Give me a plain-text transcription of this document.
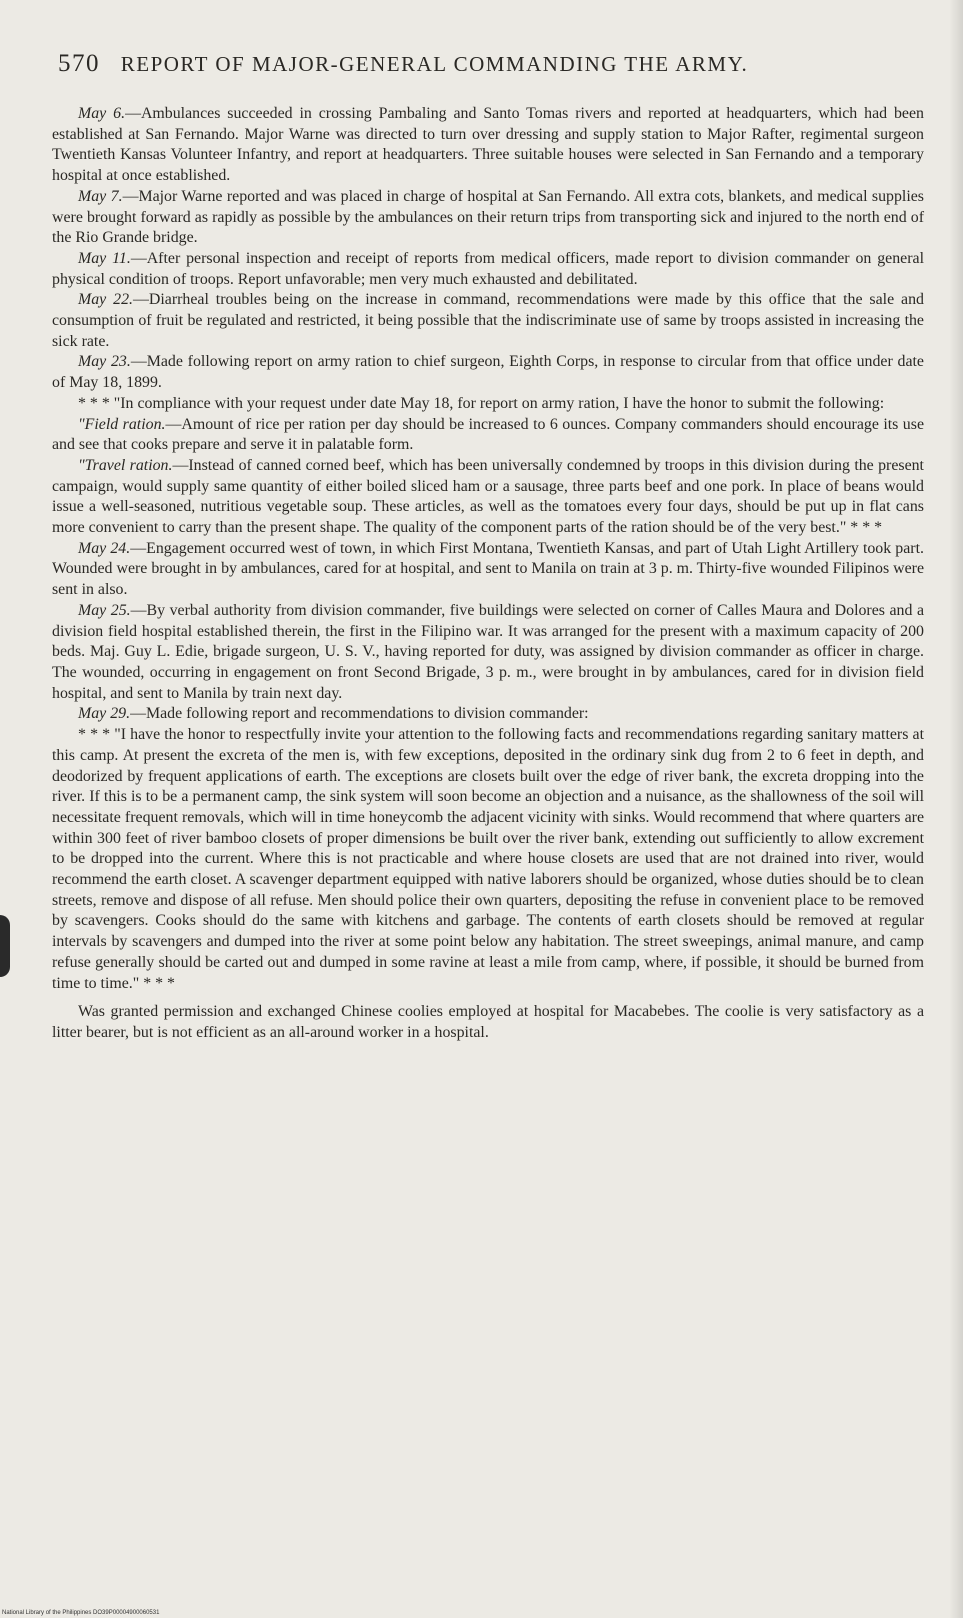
570 REPORT OF MAJOR-GENERAL COMMANDING THE ARMY.

May 6.—Ambulances succeeded in crossing Pambaling and Santo Tomas rivers and reported at headquarters, which had been established at San Fernando. Major Warne was directed to turn over dressing and supply station to Major Rafter, regimental surgeon Twentieth Kansas Volunteer Infantry, and report at headquarters. Three suitable houses were selected in San Fernando and a temporary hospital at once established.

May 7.—Major Warne reported and was placed in charge of hospital at San Fernando. All extra cots, blankets, and medical supplies were brought forward as rapidly as possible by the ambulances on their return trips from transporting sick and injured to the north end of the Rio Grande bridge.

May 11.—After personal inspection and receipt of reports from medical officers, made report to division commander on general physical condition of troops. Report unfavorable; men very much exhausted and debilitated.

May 22.—Diarrheal troubles being on the increase in command, recommendations were made by this office that the sale and consumption of fruit be regulated and restricted, it being possible that the indiscriminate use of same by troops assisted in increasing the sick rate.

May 23.—Made following report on army ration to chief surgeon, Eighth Corps, in response to circular from that office under date of May 18, 1899.

* * * "In compliance with your request under date May 18, for report on army ration, I have the honor to submit the following:

"Field ration.—Amount of rice per ration per day should be increased to 6 ounces. Company commanders should encourage its use and see that cooks prepare and serve it in palatable form.

"Travel ration.—Instead of canned corned beef, which has been universally condemned by troops in this division during the present campaign, would supply same quantity of either boiled sliced ham or a sausage, three parts beef and one pork. In place of beans would issue a well-seasoned, nutritious vegetable soup. These articles, as well as the tomatoes every four days, should be put up in flat cans more convenient to carry than the present shape. The quality of the component parts of the ration should be of the very best." * * *

May 24.—Engagement occurred west of town, in which First Montana, Twentieth Kansas, and part of Utah Light Artillery took part. Wounded were brought in by ambulances, cared for at hospital, and sent to Manila on train at 3 p. m. Thirty-five wounded Filipinos were sent in also.

May 25.—By verbal authority from division commander, five buildings were selected on corner of Calles Maura and Dolores and a division field hospital established therein, the first in the Filipino war. It was arranged for the present with a maximum capacity of 200 beds. Maj. Guy L. Edie, brigade surgeon, U. S. V., having reported for duty, was assigned by division commander as officer in charge. The wounded, occurring in engagement on front Second Brigade, 3 p. m., were brought in by ambulances, cared for in division field hospital, and sent to Manila by train next day.

May 29.—Made following report and recommendations to division commander:

* * * "I have the honor to respectfully invite your attention to the following facts and recommendations regarding sanitary matters at this camp. At present the excreta of the men is, with few exceptions, deposited in the ordinary sink dug from 2 to 6 feet in depth, and deodorized by frequent applications of earth. The exceptions are closets built over the edge of river bank, the excreta dropping into the river. If this is to be a permanent camp, the sink system will soon become an objection and a nuisance, as the shallowness of the soil will necessitate frequent removals, which will in time honeycomb the adjacent vicinity with sinks. Would recommend that where quarters are within 300 feet of river bamboo closets of proper dimensions be built over the river bank, extending out sufficiently to allow excrement to be dropped into the current. Where this is not practicable and where house closets are used that are not drained into river, would recommend the earth closet. A scavenger department equipped with native laborers should be organized, whose duties should be to clean streets, remove and dispose of all refuse. Men should police their own quarters, depositing the refuse in convenient place to be removed by scavengers. Cooks should do the same with kitchens and garbage. The contents of earth closets should be removed at regular intervals by scavengers and dumped into the river at some point below any habitation. The street sweepings, animal manure, and camp refuse generally should be carted out and dumped in some ravine at least a mile from camp, where, if possible, it should be burned from time to time." * * *

Was granted permission and exchanged Chinese coolies employed at hospital for Macabebes. The coolie is very satisfactory as a litter bearer, but is not efficient as an all-around worker in a hospital.

National Library of the Philippines DO39P00004900060531
